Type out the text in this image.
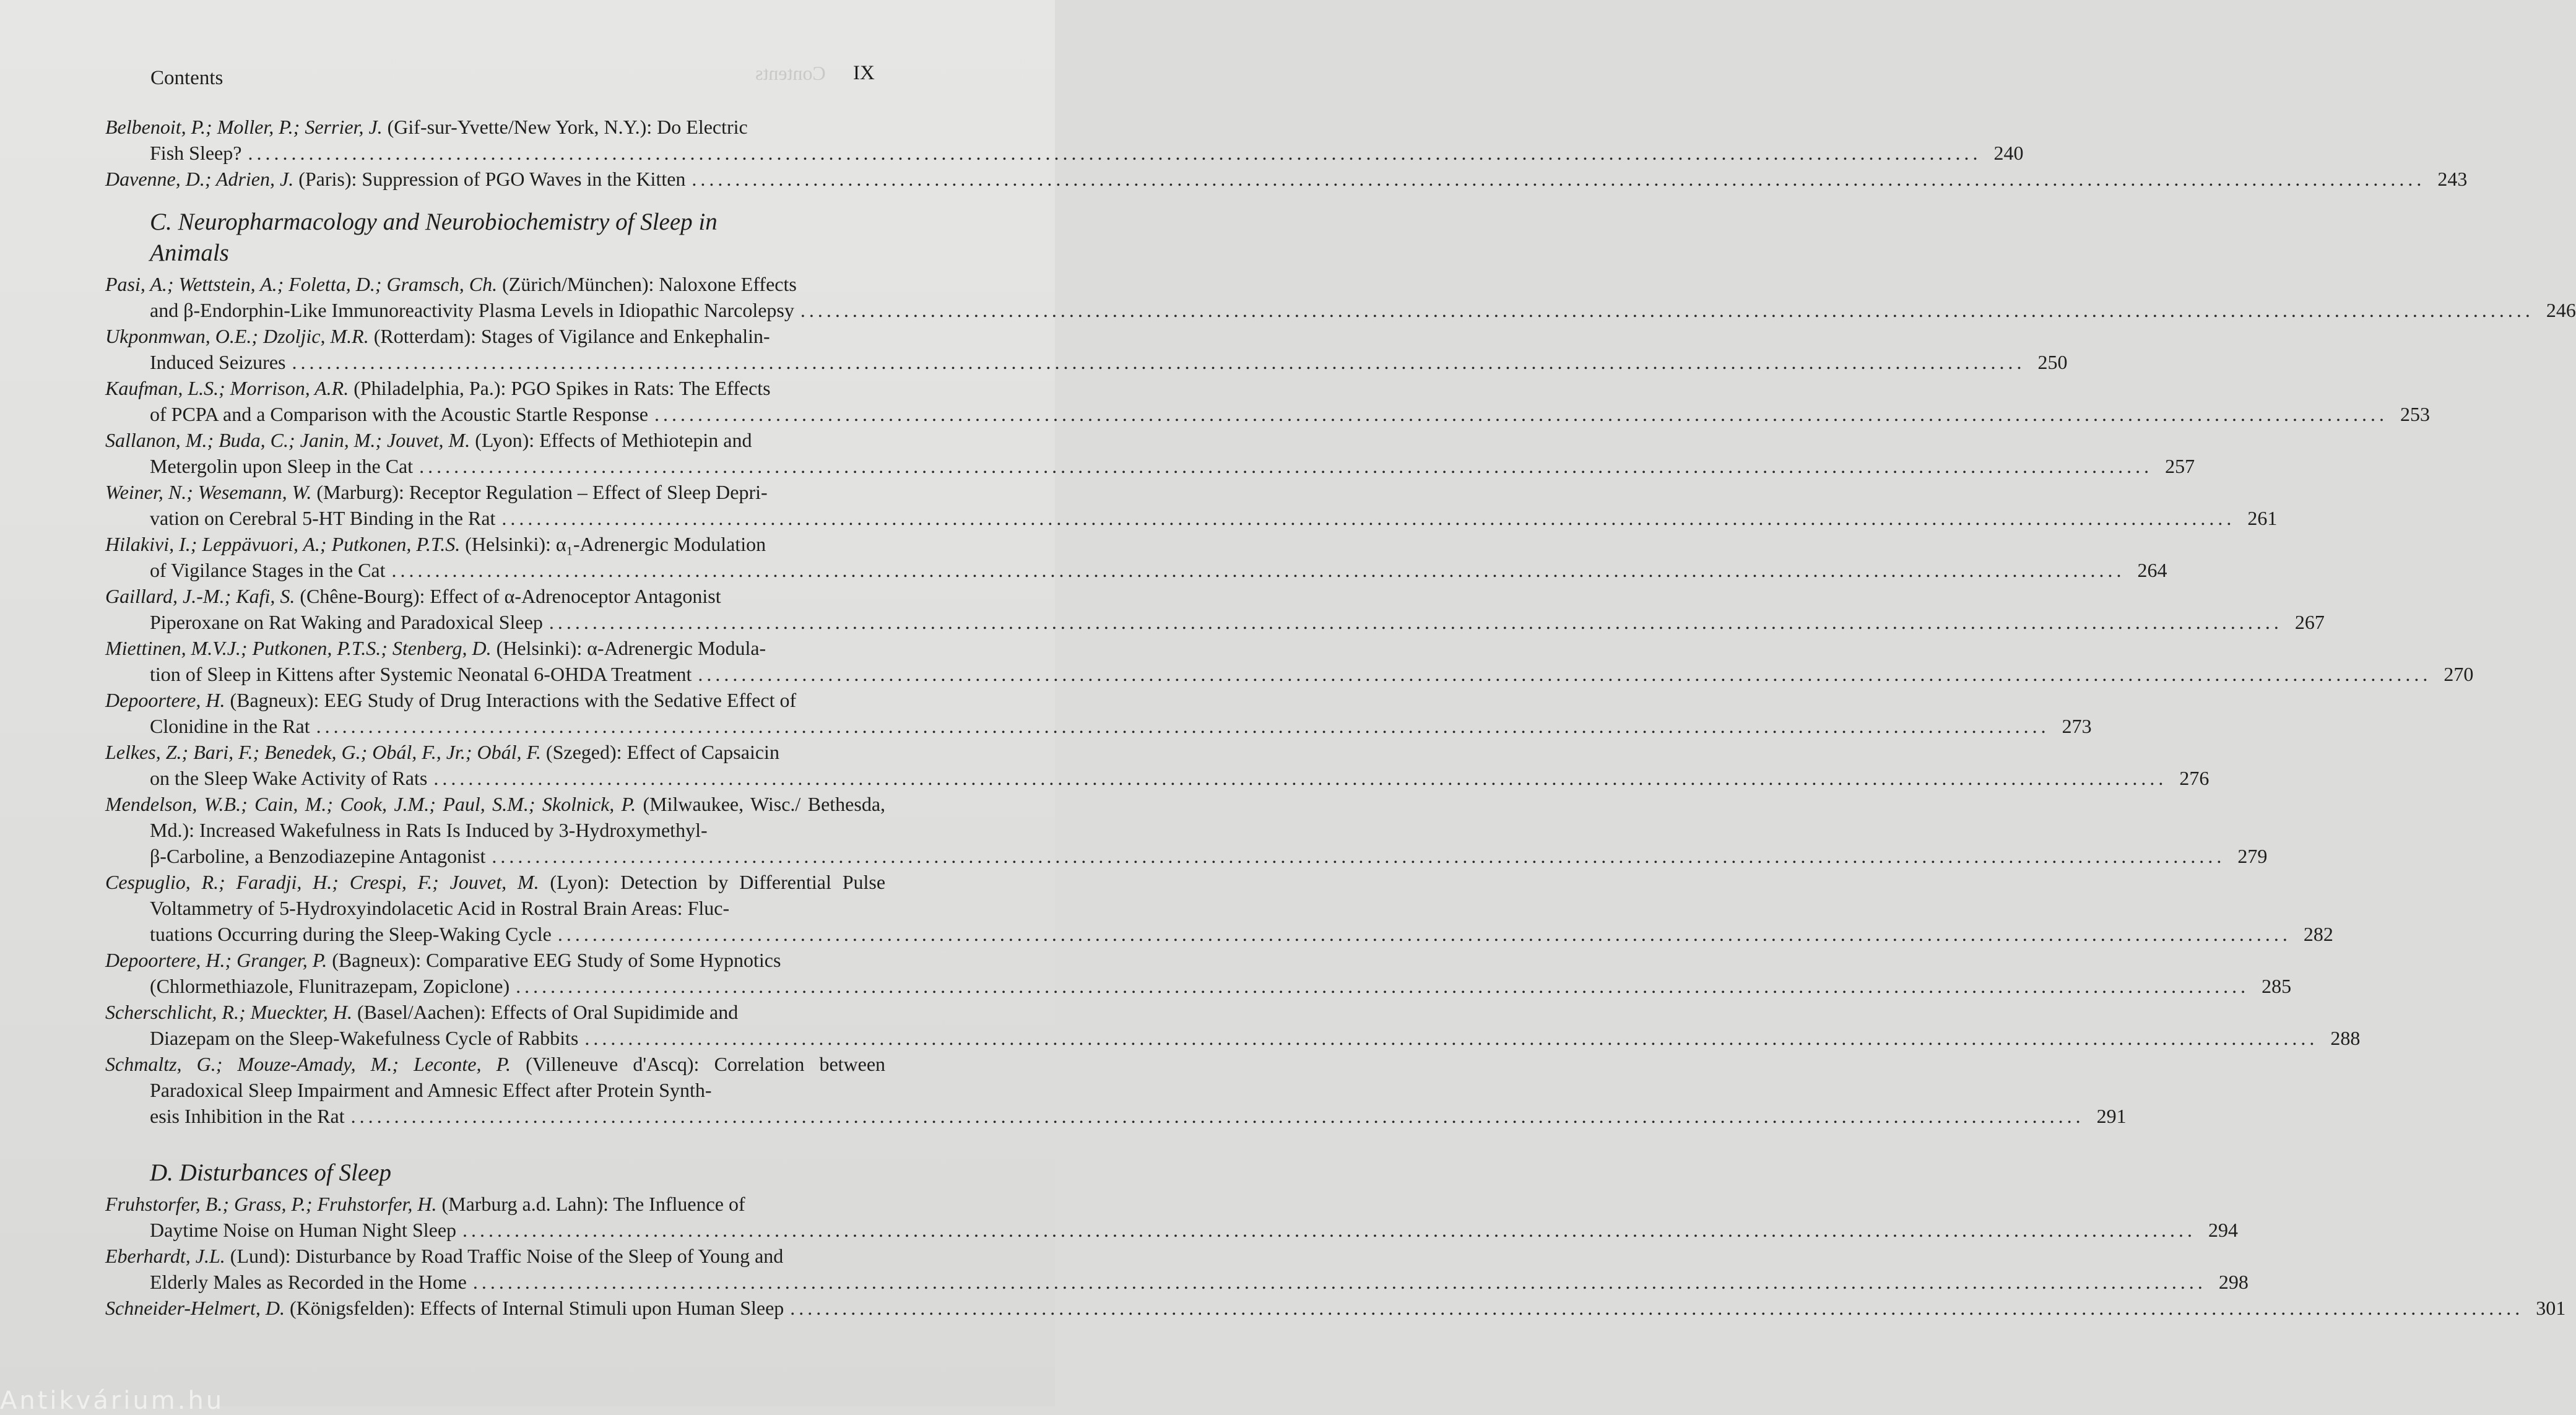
Contents
Contents	IX
Belbenoit, P.; Moller, P.; Serrier, J. (Gif-sur-Yvette/New York, N.Y.): Do Electric
Fish Sleep? ........................................................................................................................................................................................................ 240
Davenne, D.; Adrien, J. (Paris): Suppression of PGO Waves in the Kitten ........................................................................................................................................................................................................ 243
C. Neuropharmacology and Neurobiochemistry of Sleep in Animals
Pasi, A.; Wettstein, A.; Foletta, D.; Gramsch, Ch. (Zürich/München): Naloxone Effects
and β-Endorphin-Like Immunoreactivity Plasma Levels in Idiopathic Narcolepsy ........................................................................................................................................................................................................ 246
Ukponmwan, O.E.; Dzoljic, M.R. (Rotterdam): Stages of Vigilance and Enkephalin-
Induced Seizures ........................................................................................................................................................................................................ 250
Kaufman, L.S.; Morrison, A.R. (Philadelphia, Pa.): PGO Spikes in Rats: The Effects
of PCPA and a Comparison with the Acoustic Startle Response ........................................................................................................................................................................................................ 253
Sallanon, M.; Buda, C.; Janin, M.; Jouvet, M. (Lyon): Effects of Methiotepin and
Metergolin upon Sleep in the Cat ........................................................................................................................................................................................................ 257
Weiner, N.; Wesemann, W. (Marburg): Receptor Regulation – Effect of Sleep Depri-
vation on Cerebral 5-HT Binding in the Rat ........................................................................................................................................................................................................ 261
Hilakivi, I.; Leppävuori, A.; Putkonen, P.T.S. (Helsinki): α₁-Adrenergic Modulation
of Vigilance Stages in the Cat ........................................................................................................................................................................................................ 264
Gaillard, J.-M.; Kafi, S. (Chêne-Bourg): Effect of α-Adrenoceptor Antagonist
Piperoxane on Rat Waking and Paradoxical Sleep ........................................................................................................................................................................................................ 267
Miettinen, M.V.J.; Putkonen, P.T.S.; Stenberg, D. (Helsinki): α-Adrenergic Modula-
tion of Sleep in Kittens after Systemic Neonatal 6-OHDA Treatment ........................................................................................................................................................................................................ 270
Depoortere, H. (Bagneux): EEG Study of Drug Interactions with the Sedative Effect of
Clonidine in the Rat ........................................................................................................................................................................................................ 273
Lelkes, Z.; Bari, F.; Benedek, G.; Obál, F., Jr.; Obál, F. (Szeged): Effect of Capsaicin
on the Sleep Wake Activity of Rats ........................................................................................................................................................................................................ 276
Mendelson, W.B.; Cain, M.; Cook, J.M.; Paul, S.M.; Skolnick, P. (Milwaukee, Wisc./ Bethesda, Md.): Increased Wakefulness in Rats Is Induced by 3-Hydroxymethyl-
β-Carboline, a Benzodiazepine Antagonist ........................................................................................................................................................................................................ 279
Cespuglio, R.; Faradji, H.; Crespi, F.; Jouvet, M. (Lyon): Detection by Differential Pulse Voltammetry of 5-Hydroxyindolacetic Acid in Rostral Brain Areas: Fluc-
tuations Occurring during the Sleep-Waking Cycle ........................................................................................................................................................................................................ 282
Depoortere, H.; Granger, P. (Bagneux): Comparative EEG Study of Some Hypnotics
(Chlormethiazole, Flunitrazepam, Zopiclone) ........................................................................................................................................................................................................ 285
Scherschlicht, R.; Mueckter, H. (Basel/Aachen): Effects of Oral Supidimide and
Diazepam on the Sleep-Wakefulness Cycle of Rabbits ........................................................................................................................................................................................................ 288
Schmaltz, G.; Mouze-Amady, M.; Leconte, P. (Villeneuve d'Ascq): Correlation between Paradoxical Sleep Impairment and Amnesic Effect after Protein Synth-
esis Inhibition in the Rat ........................................................................................................................................................................................................ 291
D. Disturbances of Sleep
Fruhstorfer, B.; Grass, P.; Fruhstorfer, H. (Marburg a.d. Lahn): The Influence of
Daytime Noise on Human Night Sleep ........................................................................................................................................................................................................ 294
Eberhardt, J.L. (Lund): Disturbance by Road Traffic Noise of the Sleep of Young and
Elderly Males as Recorded in the Home ........................................................................................................................................................................................................ 298
Schneider-Helmert, D. (Königsfelden): Effects of Internal Stimuli upon Human Sleep ........................................................................................................................................................................................................ 301
Antikvárium.hu
